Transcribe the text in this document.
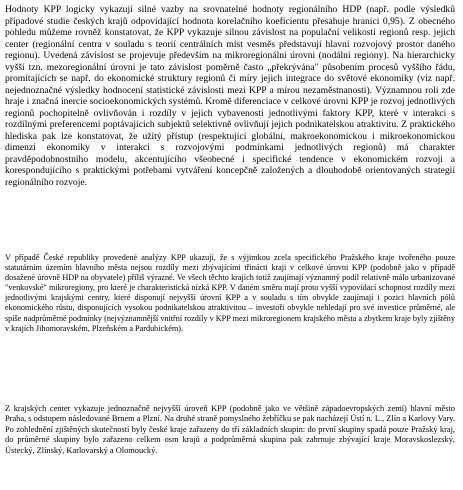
Hodnoty KPP logicky vykazují silné vazby na srovnatelné hodnoty regionálního HDP (např. podle výsledků případové studie českých krajů odpovídající hodnota korelačního koeficientu přesahuje hranici 0,95). Z obecného pohledu můžeme rovněž konstatovat, že KPP vykazuje silnou závislost na populační velikosti regionů resp. jejich center (regionální centra v souladu s teorií centrálních míst vesměs představují hlavní rozvojový prostor daného regionu). Uvedená závislost se projevuje především na mikroregionální úrovni (nodální regiony). Na hierarchicky vyšší tzn. mezoregionální úrovni je tato závislost poměrně často „překrývána" působením procesů vyššího řádu, promítajících se např. do ekonomické struktury regionů či míry jejich integrace do světové ekonomiky (viz např. nejednoznačné výsledky hodnocení statistické závislosti mezi KPP a mírou nezaměstnanosti). Významnou roli zde hraje i značná inercie socioekonomických systémů. Kromě diferenciace v celkové úrovni KPP je rozvoj jednotlivých regionů pochopitelně ovlivňován i rozdíly v jejich vybavenosti jednotlivými faktory KPP, které v interakci s rozdílnými preferencemi poptávajících subjektů selektivně ovlivňují jejich podnikatelskou atraktivitu. Z praktického hlediska pak lze konstatovat, že užitý přístup (respektující globální, makroekonomickou i mikroekonomickou dimenzi ekonomiky v interakci s rozvojovými podmínkami jednotlivých regionů) má charakter pravděpodobnostního modelu, akcentujícího všeobecné i specifické tendence v ekonomickém rozvoji a korespondujícího s praktickými potřebami vytváření koncepčně založených a dlouhodobě orientovaných strategií regionálního rozvoje.

V případě České republiky provedené analýzy KPP ukazují, že s výjimkou zcela specifického Pražského kraje tvořeného pouze statutárním územím hlavního města nejsou rozdíly mezi zbývajícími třinácti kraji v celkové úrovni KPP (podobně jako v případě dosažené úrovně HDP na obyvatele) příliš výrazné. Ve všech těchto krajích totiž zaujímají významný podíl relativně málo urbanizované "venkovské" mikroregiony, pro které je charakteristická nízká KPP. V daném směru mají proto vyšší vypovídací schopnost rozdíly mezi jednotlivými krajskými centry, které disponují nejvyšší úrovní KPP a v souladu s tím obvykle zaujímají i pozici hlavních pólů ekonomického růstu, disponujících vysokou podnikatelskou atraktivitou – investoři obvykle nehledají pro své investice průměrné, ale spíše nadprůměrné podmínky (nejvýznamnější vnitřní rozdíly v KPP mezi mikroregionem krajského města a zbytkem kraje byly zjištěny v krajích Jihomoravském, Plzeňském a Pardubickém).

Z krajských center vykazuje jednoznačně nejvyšší úroveň KPP (podobně jako ve většině západoevropských zemí) hlavní město Praha, s odstupem následované Brnem a Plzní. Na druhé straně pomyslného žebříčku se pak nacházejí Ústí n. L., Zlín a Karlovy Vary. Po zohlednění zjištěných skutečností byly české kraje zařazeny do tří základních skupin: do první skupiny spadá pouze Pražský kraj, do průměrné skupiny bylo zařazeno celkem osm krajů a podprůměrná skupina pak zahrnuje zbývající kraje Moravskoslezský, Ústecký, Zlínský, Karlovarský a Olomoucký.
